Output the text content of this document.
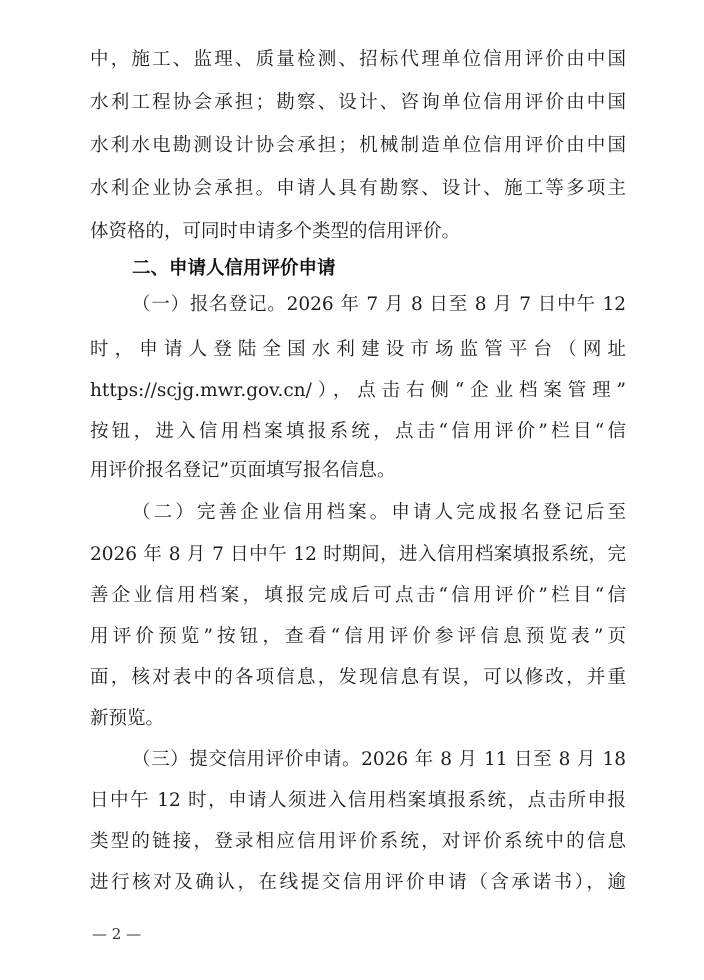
中，施工、监理、质量检测、招标代理单位信用评价由中国
水利工程协会承担；勘察、设计、咨询单位信用评价由中国
水利水电勘测设计协会承担；机械制造单位信用评价由中国
水利企业协会承担。申请人具有勘察、设计、施工等多项主
体资格的，可同时申请多个类型的信用评价。
二、申请人信用评价申请
（一）报名登记。2026 年 7 月 8 日至 8 月 7 日中午 12
时，申请人登陆全国水利建设市场监管平台（网址
https://scjg.mwr.gov.cn/），点击右侧“企业档案管理”
按钮，进入信用档案填报系统，点击“信用评价”栏目“信
用评价报名登记”页面填写报名信息。
（二）完善企业信用档案。申请人完成报名登记后至
2026 年 8 月 7 日中午 12 时期间，进入信用档案填报系统，完
善企业信用档案，填报完成后可点击“信用评价”栏目“信
用评价预览”按钮，查看“信用评价参评信息预览表”页
面，核对表中的各项信息，发现信息有误，可以修改，并重
新预览。
（三）提交信用评价申请。2026 年 8 月 11 日至 8 月 18
日中午 12 时，申请人须进入信用档案填报系统，点击所申报
类型的链接，登录相应信用评价系统，对评价系统中的信息
进行核对及确认，在线提交信用评价申请（含承诺书），逾
— 2 —
